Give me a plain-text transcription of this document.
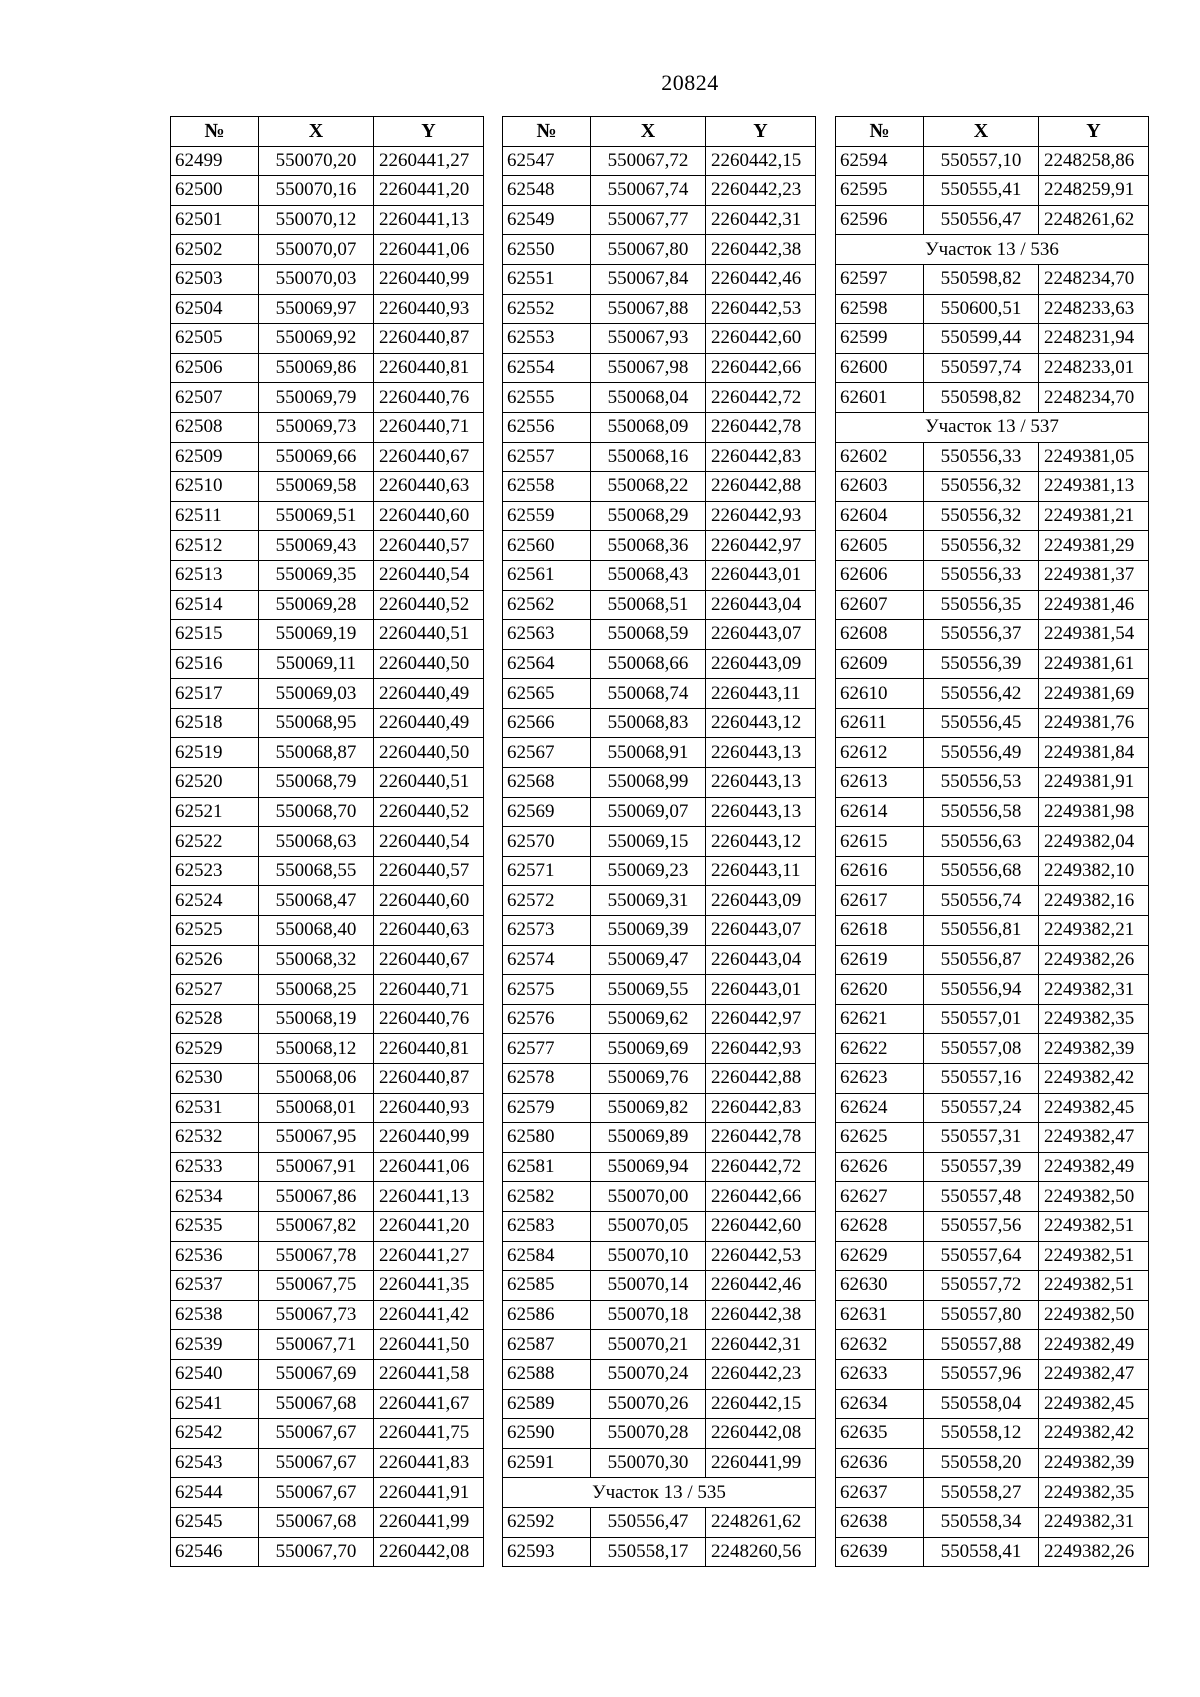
20824
№	X	Y
62499	550070,20	2260441,27
62500	550070,16	2260441,20
62501	550070,12	2260441,13
62502	550070,07	2260441,06
62503	550070,03	2260440,99
62504	550069,97	2260440,93
62505	550069,92	2260440,87
62506	550069,86	2260440,81
62507	550069,79	2260440,76
62508	550069,73	2260440,71
62509	550069,66	2260440,67
62510	550069,58	2260440,63
62511	550069,51	2260440,60
62512	550069,43	2260440,57
62513	550069,35	2260440,54
62514	550069,28	2260440,52
62515	550069,19	2260440,51
62516	550069,11	2260440,50
62517	550069,03	2260440,49
62518	550068,95	2260440,49
62519	550068,87	2260440,50
62520	550068,79	2260440,51
62521	550068,70	2260440,52
62522	550068,63	2260440,54
62523	550068,55	2260440,57
62524	550068,47	2260440,60
62525	550068,40	2260440,63
62526	550068,32	2260440,67
62527	550068,25	2260440,71
62528	550068,19	2260440,76
62529	550068,12	2260440,81
62530	550068,06	2260440,87
62531	550068,01	2260440,93
62532	550067,95	2260440,99
62533	550067,91	2260441,06
62534	550067,86	2260441,13
62535	550067,82	2260441,20
62536	550067,78	2260441,27
62537	550067,75	2260441,35
62538	550067,73	2260441,42
62539	550067,71	2260441,50
62540	550067,69	2260441,58
62541	550067,68	2260441,67
62542	550067,67	2260441,75
62543	550067,67	2260441,83
62544	550067,67	2260441,91
62545	550067,68	2260441,99
62546	550067,70	2260442,08
№	X	Y
62547	550067,72	2260442,15
62548	550067,74	2260442,23
62549	550067,77	2260442,31
62550	550067,80	2260442,38
62551	550067,84	2260442,46
62552	550067,88	2260442,53
62553	550067,93	2260442,60
62554	550067,98	2260442,66
62555	550068,04	2260442,72
62556	550068,09	2260442,78
62557	550068,16	2260442,83
62558	550068,22	2260442,88
62559	550068,29	2260442,93
62560	550068,36	2260442,97
62561	550068,43	2260443,01
62562	550068,51	2260443,04
62563	550068,59	2260443,07
62564	550068,66	2260443,09
62565	550068,74	2260443,11
62566	550068,83	2260443,12
62567	550068,91	2260443,13
62568	550068,99	2260443,13
62569	550069,07	2260443,13
62570	550069,15	2260443,12
62571	550069,23	2260443,11
62572	550069,31	2260443,09
62573	550069,39	2260443,07
62574	550069,47	2260443,04
62575	550069,55	2260443,01
62576	550069,62	2260442,97
62577	550069,69	2260442,93
62578	550069,76	2260442,88
62579	550069,82	2260442,83
62580	550069,89	2260442,78
62581	550069,94	2260442,72
62582	550070,00	2260442,66
62583	550070,05	2260442,60
62584	550070,10	2260442,53
62585	550070,14	2260442,46
62586	550070,18	2260442,38
62587	550070,21	2260442,31
62588	550070,24	2260442,23
62589	550070,26	2260442,15
62590	550070,28	2260442,08
62591	550070,30	2260441,99
Участок 13 / 535		
62592	550556,47	2248261,62
62593	550558,17	2248260,56
№	X	Y
62594	550557,10	2248258,86
62595	550555,41	2248259,91
62596	550556,47	2248261,62
Участок 13 / 536		
62597	550598,82	2248234,70
62598	550600,51	2248233,63
62599	550599,44	2248231,94
62600	550597,74	2248233,01
62601	550598,82	2248234,70
Участок 13 / 537		
62602	550556,33	2249381,05
62603	550556,32	2249381,13
62604	550556,32	2249381,21
62605	550556,32	2249381,29
62606	550556,33	2249381,37
62607	550556,35	2249381,46
62608	550556,37	2249381,54
62609	550556,39	2249381,61
62610	550556,42	2249381,69
62611	550556,45	2249381,76
62612	550556,49	2249381,84
62613	550556,53	2249381,91
62614	550556,58	2249381,98
62615	550556,63	2249382,04
62616	550556,68	2249382,10
62617	550556,74	2249382,16
62618	550556,81	2249382,21
62619	550556,87	2249382,26
62620	550556,94	2249382,31
62621	550557,01	2249382,35
62622	550557,08	2249382,39
62623	550557,16	2249382,42
62624	550557,24	2249382,45
62625	550557,31	2249382,47
62626	550557,39	2249382,49
62627	550557,48	2249382,50
62628	550557,56	2249382,51
62629	550557,64	2249382,51
62630	550557,72	2249382,51
62631	550557,80	2249382,50
62632	550557,88	2249382,49
62633	550557,96	2249382,47
62634	550558,04	2249382,45
62635	550558,12	2249382,42
62636	550558,20	2249382,39
62637	550558,27	2249382,35
62638	550558,34	2249382,31
62639	550558,41	2249382,26
